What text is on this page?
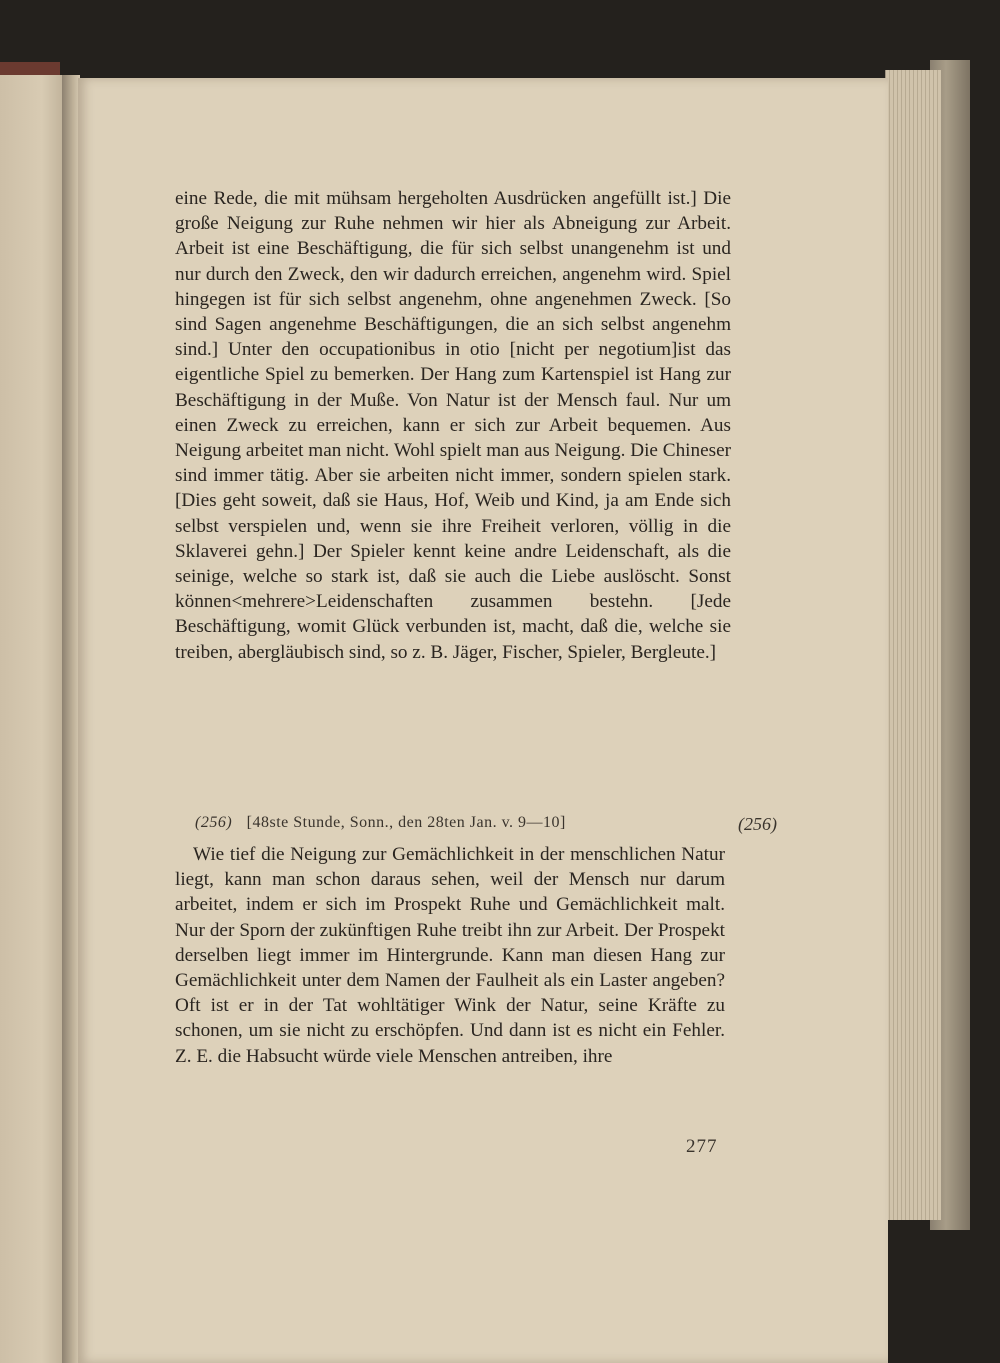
eine Rede, die mit mühsam hergeholten Ausdrücken angefüllt ist.] Die große Neigung zur Ruhe nehmen wir hier als Abneigung zur Arbeit. Arbeit ist eine Beschäftigung, die für sich selbst unangenehm ist und nur durch den Zweck, den wir dadurch erreichen, angenehm wird. Spiel hingegen ist für sich selbst angenehm, ohne angenehmen Zweck. [So sind Sagen angenehme Beschäftigungen, die an sich selbst angenehm sind.] Unter den occupationibus in otio [nicht per negotium]ist das eigentliche Spiel zu bemerken. Der Hang zum Kartenspiel ist Hang zur Beschäftigung in der Muße. Von Natur ist der Mensch faul. Nur um einen Zweck zu erreichen, kann er sich zur Arbeit bequemen. Aus Neigung arbeitet man nicht. Wohl spielt man aus Neigung. Die Chineser sind immer tätig. Aber sie arbeiten nicht immer, sondern spielen stark. [Dies geht soweit, daß sie Haus, Hof, Weib und Kind, ja am Ende sich selbst verspielen und, wenn sie ihre Freiheit verloren, völlig in die Sklaverei gehn.] Der Spieler kennt keine andre Leidenschaft, als die seinige, welche so stark ist, daß sie auch die Liebe auslöscht. Sonst können<mehrere>Leidenschaften zusammen bestehn. [Jede Beschäftigung, womit Glück verbunden ist, macht, daß die, welche sie treiben, abergläubisch sind, so z. B. Jäger, Fischer, Spieler, Bergleute.]

(256) [48ste Stunde, Sonn., den 28ten Jan. v. 9—10]	(256)

Wie tief die Neigung zur Gemächlichkeit in der menschlichen Natur liegt, kann man schon daraus sehen, weil der Mensch nur darum arbeitet, indem er sich im Prospekt Ruhe und Gemächlichkeit malt. Nur der Sporn der zukünftigen Ruhe treibt ihn zur Arbeit. Der Prospekt derselben liegt immer im Hintergrunde. Kann man diesen Hang zur Gemächlichkeit unter dem Namen der Faulheit als ein Laster angeben? Oft ist er in der Tat wohltätiger Wink der Natur, seine Kräfte zu schonen, um sie nicht zu erschöpfen. Und dann ist es nicht ein Fehler. Z. E. die Habsucht würde viele Menschen antreiben, ihre

277
